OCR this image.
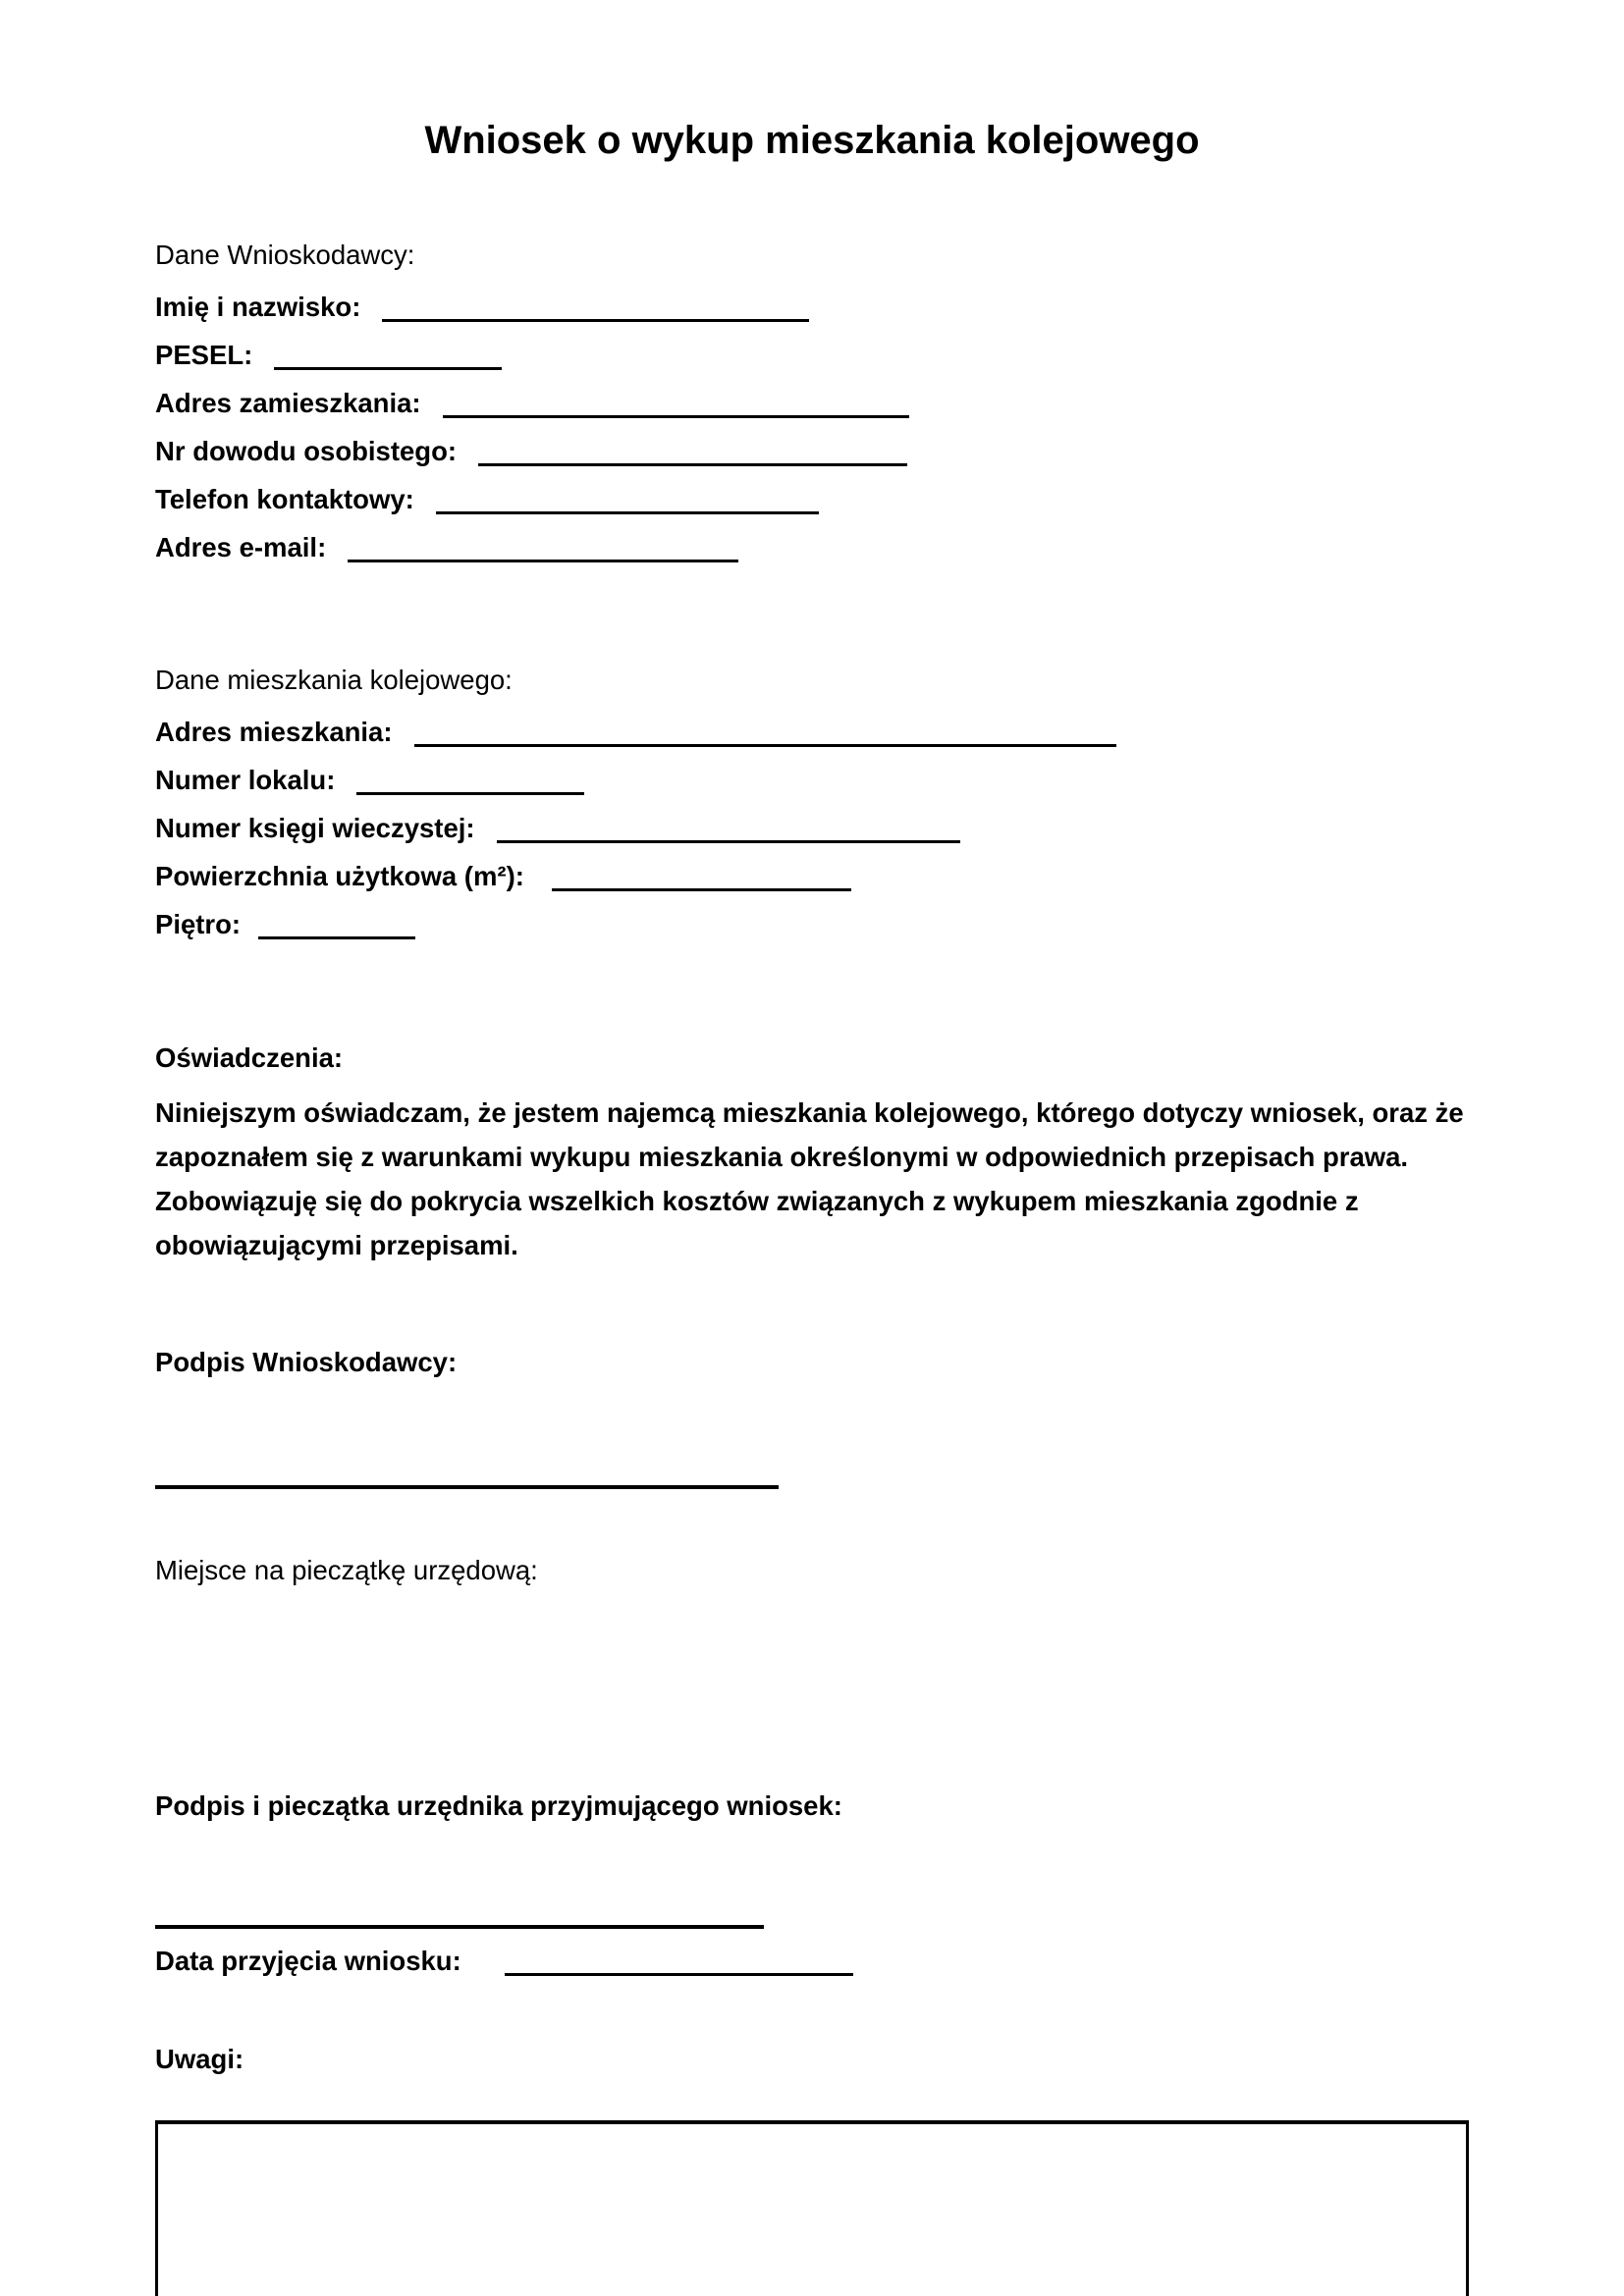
Wniosek o wykup mieszkania kolejowego
Dane Wnioskodawcy:
Imię i nazwisko:
PESEL:
Adres zamieszkania:
Nr dowodu osobistego:
Telefon kontaktowy:
Adres e-mail:
Dane mieszkania kolejowego:
Adres mieszkania:
Numer lokalu:
Numer księgi wieczystej:
Powierzchnia użytkowa (m²):
Piętro:
Oświadczenia:
Niniejszym oświadczam, że jestem najemcą mieszkania kolejowego, którego dotyczy wniosek, oraz że zapoznałem się z warunkami wykupu mieszkania określonymi w odpowiednich przepisach prawa. Zobowiązuję się do pokrycia wszelkich kosztów związanych z wykupem mieszkania zgodnie z obowiązującymi przepisami.
Podpis Wnioskodawcy:
Miejsce na pieczątkę urzędową:
Podpis i pieczątka urzędnika przyjmującego wniosek:
Data przyjęcia wniosku:
Uwagi:
